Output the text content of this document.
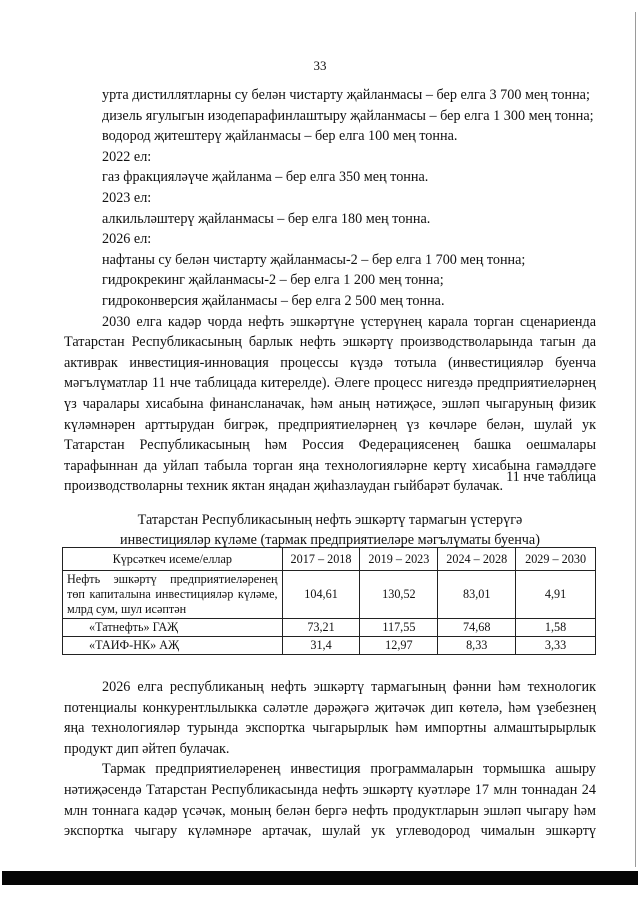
33

урта дистиллятларны су белән чистарту җайланмасы – бер елга 3 700 мең тонна;

дизель ягулыгын изодепарафинлаштыру җайланмасы – бер елга 1 300 мең тонна;

водород җитештерү җайланмасы – бер елга 100 мең тонна.

2022 ел:

газ фракцияләүче җайланма – бер елга 350 мең тонна.

2023 ел:

алкильләштерү җайланмасы – бер елга 180 мең тонна.

2026 ел:

нафтаны су белән чистарту җайланмасы-2 – бер елга 1 700 мең тонна;

гидрокрекинг җайланмасы-2 – бер елга 1 200 мең тонна;

гидроконверсия җайланмасы – бер елга 2 500 мең тонна.

2030 елга кадәр чорда нефть эшкәртүне үстерүнең карала торган сценариенда Татарстан Республикасының барлык нефть эшкәртү производстволарында тагын да активрак инвестиция-инновация процессы күздә тотыла (инвестицияләр буенча мәгълүматлар 11 нче таблицада китерелде). Әлеге процесс нигездә предприятиеләрнең үз чаралары хисабына финансланачак, һәм аның нәтиҗәсе, эшләп чыгаруның физик күләмнәрен арттырудан бигрәк, предприятиеләрнең үз көчләре белән, шулай ук Татарстан Республикасының һәм Россия Федерациясенең башка оешмалары тарафыннан да уйлап табыла торган яңа технологияләрне кертү хисабына гамәлдәге производстволарны техник яктан яңадан җиһазлаудан гыйбарәт булачак.

11 нче таблица
Татарстан Республикасының нефть эшкәртү тармагын үстерүгә
инвестицияләр күләме (тармак предприятиеләре мәгълүматы буенча)
Күрсәткеч исеме/еллар	2017 – 2018	2019 – 2023	2024 – 2028	2029 – 2030
Нефть эшкәртү предприятиеләренең төп капиталына инвестицияләр күләме, млрд сум, шул исәптән	104,61	130,52	83,01	4,91
«Татнефть» ГАҖ	73,21	117,55	74,68	1,58
«ТАИФ-НК» АҖ	31,4	12,97	8,33	3,33

2026 елга республиканың нефть эшкәртү тармагының фәнни һәм технологик потенциалы конкурентлылыкка сәләтле дәрәҗәгә җитәчәк дип көтелә, һәм үзебезнең яңа технологияләр турында экспортка чыгарырлык һәм импортны алмаштырырлык продукт дип әйтеп булачак.

Тармак предприятиеләренең инвестиция программаларын тормышка ашыру нәтиҗәсендә Татарстан Республикасында нефть эшкәртү куәтләре 17 млн тоннадан 24 млн тоннага кадәр үсәчәк, моның белән бергә нефть продуктларын эшләп чыгару һәм экспортка чыгару күләмнәре артачак, шулай ук углеводород чималын эшкәртү
